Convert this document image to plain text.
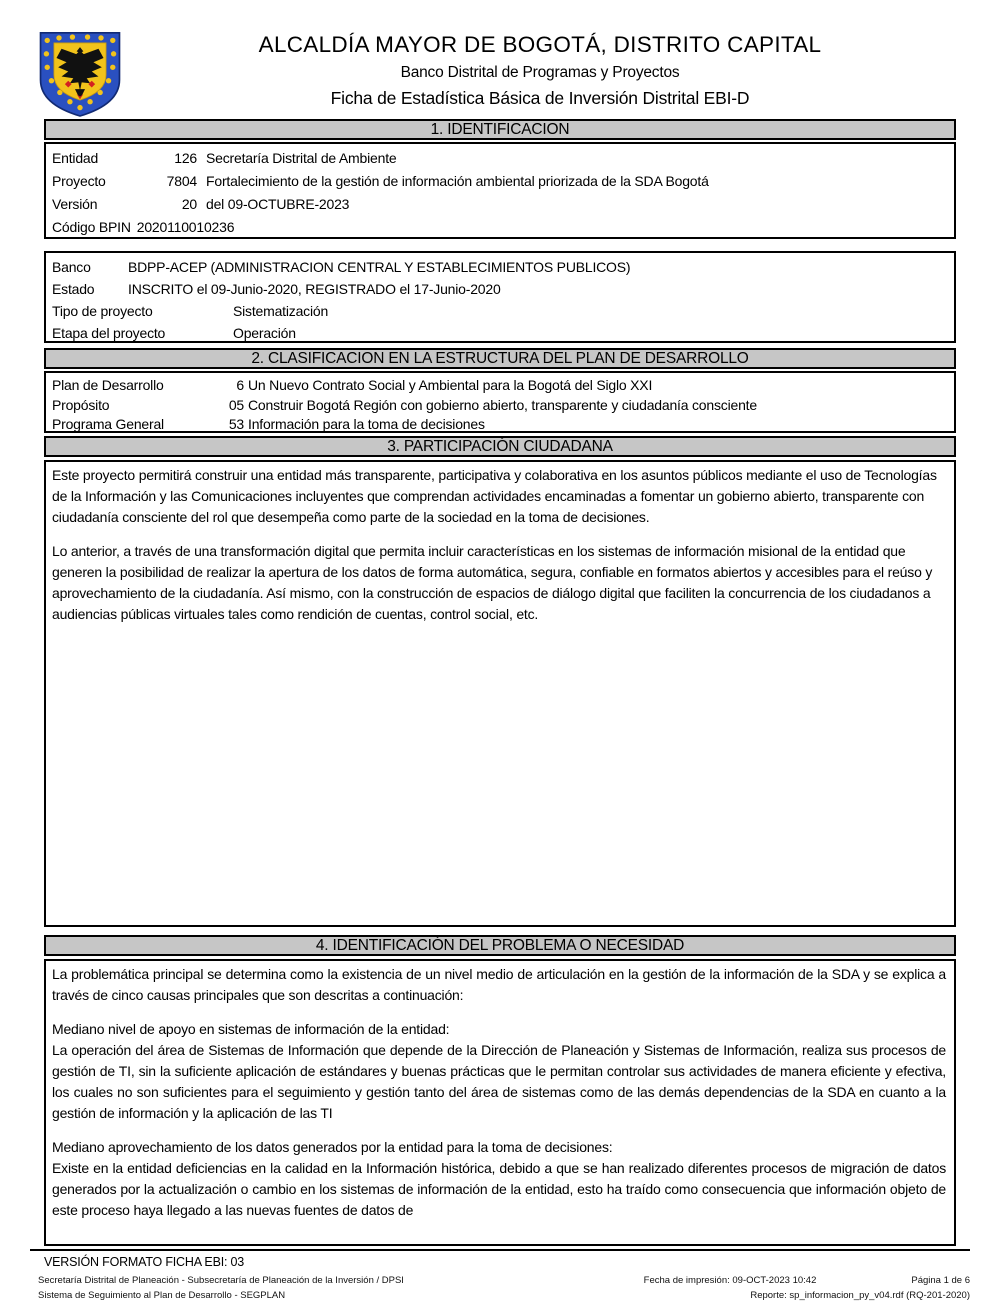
ALCALDÍA MAYOR DE BOGOTÁ, DISTRITO CAPITAL
Banco Distrital de Programas y Proyectos
Ficha de Estadística Básica de Inversión Distrital EBI-D
1. IDENTIFICACION
Entidad	126 Secretaría Distrital de Ambiente
Proyecto	7804 Fortalecimiento de la gestión de información ambiental priorizada de la SDA Bogotá
Versión	20 del 09-OCTUBRE-2023
Código BPIN 2020110010236
Banco	BDPP-ACEP (ADMINISTRACION CENTRAL Y ESTABLECIMIENTOS PUBLICOS)
Estado	INSCRITO el 09-Junio-2020, REGISTRADO el 17-Junio-2020
Tipo de proyecto	Sistematización
Etapa del proyecto	Operación
2. CLASIFICACION EN LA ESTRUCTURA DEL PLAN DE DESARROLLO
Plan de Desarrollo	6 Un Nuevo Contrato Social y Ambiental para la Bogotá del Siglo XXI
Propósito	05 Construir Bogotá Región con gobierno abierto, transparente y ciudadanía consciente
Programa General	53 Información para la toma de decisiones
3. PARTICIPACIÓN CIUDADANA

Este proyecto permitirá construir una entidad más transparente, participativa y colaborativa en los asuntos públicos mediante el uso de Tecnologías de la Información y las Comunicaciones incluyentes que comprendan actividades encaminadas a fomentar un gobierno abierto, transparente con ciudadanía consciente del rol que desempeña como parte de la sociedad en la toma de decisiones.

Lo anterior, a través de una transformación digital que permita incluir características en los sistemas de información misional de la entidad que generen la posibilidad de realizar la apertura de los datos de forma automática, segura, confiable en formatos abiertos y accesibles para el reúso y aprovechamiento de la ciudadanía. Así mismo, con la construcción de espacios de diálogo digital que faciliten la concurrencia de los ciudadanos a audiencias públicas virtuales tales como rendición de cuentas, control social, etc.

4. IDENTIFICACIÓN DEL PROBLEMA O NECESIDAD

La problemática principal se determina como la existencia de un nivel medio de articulación en la gestión de la información de la SDA y se explica a través de cinco causas principales que son descritas a continuación:

Mediano nivel de apoyo en sistemas de información de la entidad:

La operación del área de Sistemas de Información que depende de la Dirección de Planeación y Sistemas de Información, realiza sus procesos de gestión de TI, sin la suficiente aplicación de estándares y buenas prácticas que le permitan controlar sus actividades de manera eficiente y efectiva, los cuales no son suficientes para el seguimiento y gestión tanto del área de sistemas como de las demás dependencias de la SDA en cuanto a la gestión de información y la aplicación de las TI

Mediano aprovechamiento de los datos generados por la entidad para la toma de decisiones:

Existe en la entidad deficiencias en la calidad en la Información histórica, debido a que se han realizado diferentes procesos de migración de datos generados por la actualización o cambio en los sistemas de información de la entidad, esto ha traído como consecuencia que información objeto de este proceso haya llegado a las nuevas fuentes de datos de

VERSIÓN FORMATO FICHA EBI: 03
Secretaría Distrital de Planeación - Subsecretaría de Planeación de la Inversión / DPSI	Fecha de impresión: 09-OCT-2023 10:42	Página 1 de 6
Sistema de Seguimiento al Plan de Desarrollo - SEGPLAN	Reporte: sp_informacion_py_v04.rdf (RQ-201-2020)
